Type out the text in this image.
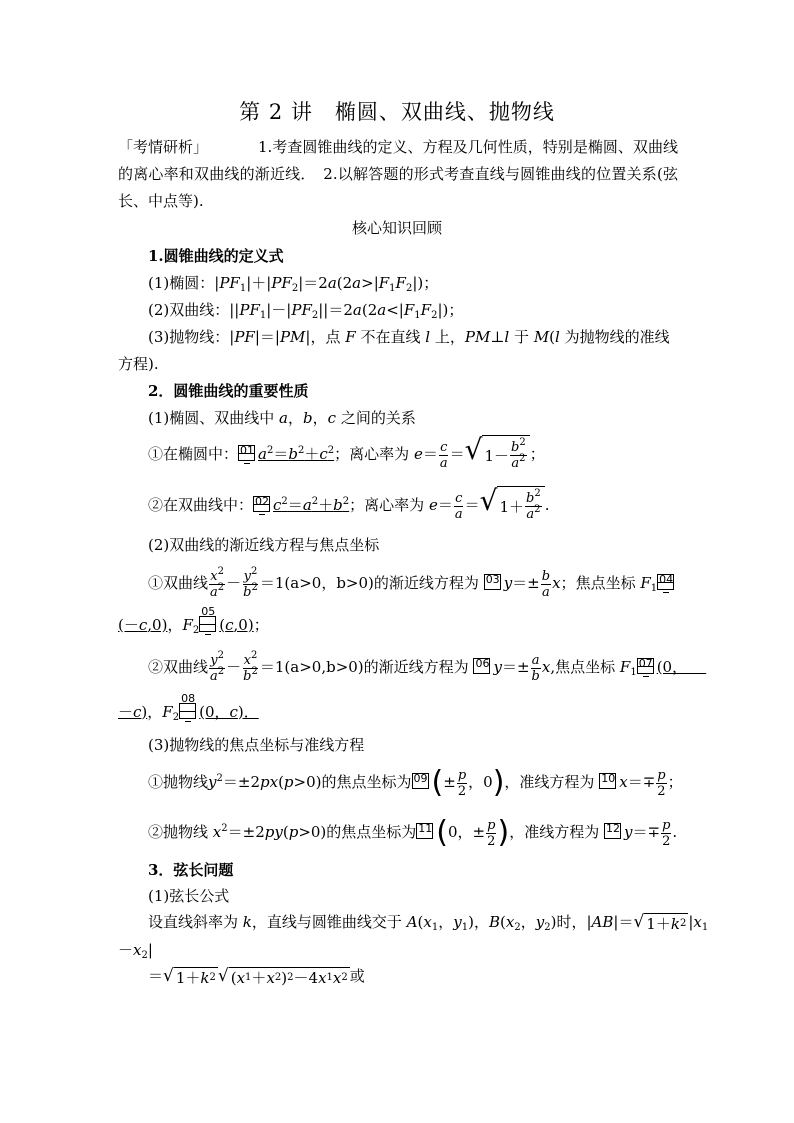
第 2 讲 椭圆、双曲线、抛物线
「考情研析」	1.考查圆锥曲线的定义、方程及几何性质，特别是椭圆、双曲线的离心率和双曲线的渐近线．　2.以解答题的形式考查直线与圆锥曲线的位置关系(弦长、中点等).
核心知识回顾
1.圆锥曲线的定义式
(1)椭圆：$|PF_1|+|PF_2|=2a(2a>|F_1F_2|)$；
(2)双曲线：$||PF_1|-|PF_2||=2a(2a<|F_1F_2|)$；
(3)抛物线：|PF|＝|PM|，点 F 不在直线 l 上，PM⊥l 于 M(l 为抛物线的准线
方程).
2．圆锥曲线的重要性质
(1)椭圆、双曲线中 a，b，c 之间的关系
①在椭圆中： 01 $a^2=b^2+c^2$；离心率为 $e= \frac{c}{a}$ ＝ √ $1- \frac{b^2}{a^2}$ ；
②在双曲线中： 02 $c^2=a^2+b^2$；离心率为 $e= \frac{c}{a}$ ＝ √ $1+ \frac{b^2}{a^2}$ .
(2)双曲线的渐近线方程与焦点坐标
①双曲线 $\frac{x^2}{a^2} - \frac{y^2}{b^2} =1(a>0$，b>0)的渐近线方程为 03 $y=\pm \frac{b}{a}$ x；焦点坐标 $F_1$
04
(－c,0)，$F_2$
05
(c,0)；
②双曲线 $\frac{y^2}{a^2} - \frac{x^2}{b^2} =1(a>0,b>0)$的渐近线方程为 06 $y=\pm \frac{a}{b} x$,焦点坐标 $F_1$
07 (0，
－c)，$F_2$
08
(0，c)．
(3)抛物线的焦点坐标与准线方程
①抛物线$y^2=\pm 2px(p>0)$的焦点坐标为 09 (± $\frac{p}{2}$ ，0)，准线方程为 10 $x=\mp \frac{p}{2}$ ；
②抛物线 $x^2=\pm 2py(p>0)$的焦点坐标为 11 (0，± $\frac{p}{2}$ )，准线方程为 12 $y=\mp \frac{p}{2}$ .
3．弦长问题
(1)弦长公式
设直线斜率为 k，直线与圆锥曲线交于 $A(x_1$，$y_1$)，$B(x_2$，$y_2$)时，|AB|＝ √ 1＋ k 2 $|x_1$
$-x_2|$
＝ √ 1＋ k 2 √ ( x 1 ＋ x 2 ) 2 －4 x 1 x 2 或
